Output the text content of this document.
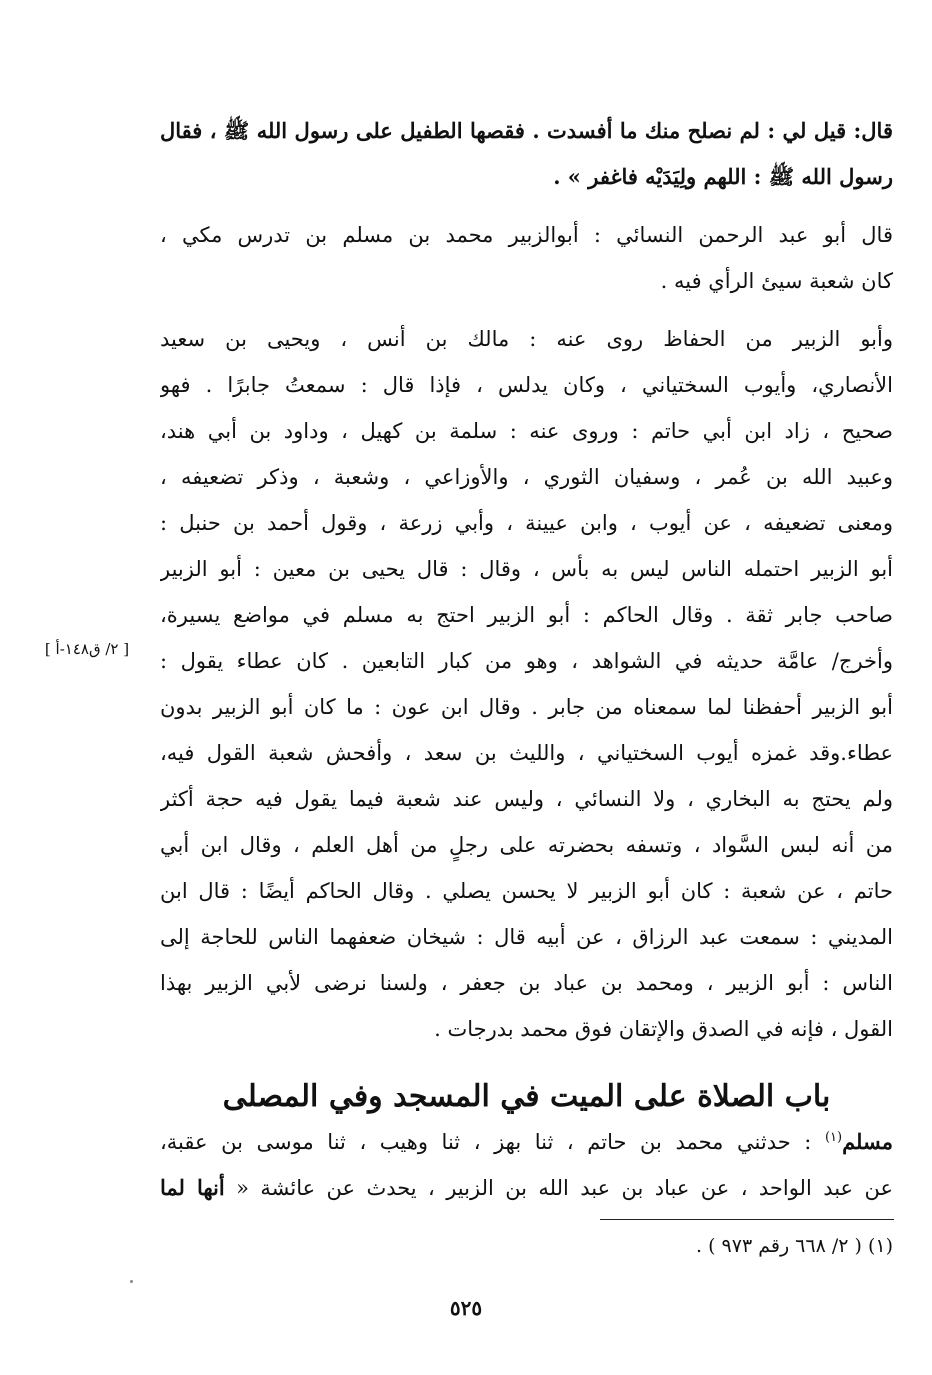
قال: قيل لي : لم نصلح منك ما أفسدت . فقصها الطفيل على رسول الله ﷺ ، فقال
رسول الله ﷺ : اللهم ولِيَدَيْه فاغفر » .
قال أبو عبد الرحمن النسائي : أبوالزبير محمد بن مسلم بن تدرس مكي ،
كان شعبة سيئ الرأي فيه .
وأبو الزبير من الحفاظ روى عنه : مالك بن أنس ، ويحيى بن سعيد
الأنصاري، وأيوب السختياني ، وكان يدلس ، فإذا قال : سمعتُ جابرًا . فهو
صحيح ، زاد ابن أبي حاتم : وروى عنه : سلمة بن كهيل ، وداود بن أبي هند،
وعبيد الله بن عُمر ، وسفيان الثوري ، والأوزاعي ، وشعبة ، وذكر تضعيفه ،
ومعنى تضعيفه ، عن أيوب ، وابن عيينة ، وأبي زرعة ، وقول أحمد بن حنبل :
أبو الزبير احتمله الناس ليس به بأس ، وقال : قال يحيى بن معين : أبو الزبير
صاحب جابر ثقة . وقال الحاكم : أبو الزبير احتج به مسلم في مواضع يسيرة،
وأخرج/ عامَّة حديثه في الشواهد ، وهو من كبار التابعين . كان عطاء يقول :
أبو الزبير أحفظنا لما سمعناه من جابر . وقال ابن عون : ما كان أبو الزبير بدون
عطاء.وقد غمزه أيوب السختياني ، والليث بن سعد ، وأفحش شعبة القول فيه،
ولم يحتج به البخاري ، ولا النسائي ، وليس عند شعبة فيما يقول فيه حجة أكثر
من أنه لبس السَّواد ، وتسفه بحضرته على رجلٍ من أهل العلم ، وقال ابن أبي
حاتم ، عن شعبة : كان أبو الزبير لا يحسن يصلي . وقال الحاكم أيضًا : قال ابن
المديني : سمعت عبد الرزاق ، عن أبيه قال : شيخان ضعفهما الناس للحاجة إلى
الناس : أبو الزبير ، ومحمد بن عباد بن جعفر ، ولسنا نرضى لأبي الزبير بهذا
القول ، فإنه في الصدق والإتقان فوق محمد بدرجات .
[ ٢/ ق١٤٨-أ ]
باب الصلاة على الميت في المسجد وفي المصلى
مسلم$^{(١)}$ : حدثني محمد بن حاتم ، ثنا بهز ، ثنا وهيب ، ثنا موسى بن عقبة،
عن عبد الواحد ، عن عباد بن عبد الله بن الزبير ، يحدث عن عائشة « أنها لما
(١) ( ٢/ ٦٦٨ رقم ٩٧٣ ) .
٥٢٥
